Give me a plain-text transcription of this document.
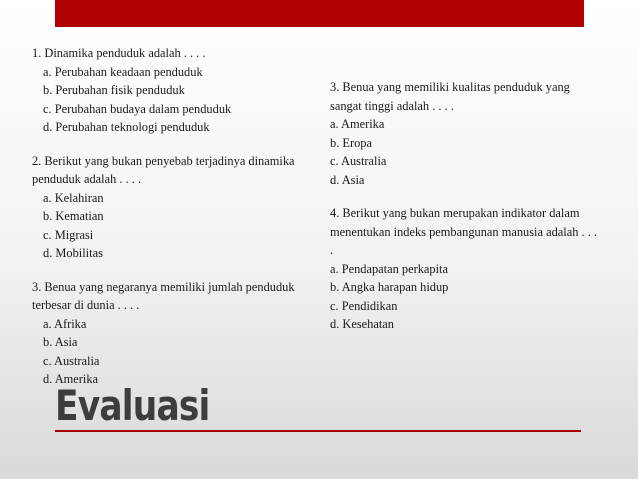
1. Dinamika penduduk adalah . . . .
a. Perubahan keadaan penduduk
b. Perubahan fisik penduduk
c. Perubahan budaya dalam penduduk
d. Perubahan teknologi penduduk
2. Berikut yang bukan penyebab terjadinya dinamika penduduk adalah . . . .
a. Kelahiran
b. Kematian
c. Migrasi
d. Mobilitas
3. Benua yang negaranya memiliki jumlah penduduk terbesar di dunia . . . .
a. Afrika
b. Asia
c. Australia
d. Amerika
3. Benua yang memiliki kualitas penduduk yang sangat tinggi adalah . . . .
a. Amerika
b. Eropa
c. Australia
d. Asia
4. Berikut yang bukan merupakan indikator dalam menentukan indeks pembangunan manusia adalah . . . .
a. Pendapatan perkapita
b. Angka harapan hidup
c. Pendidikan
d. Kesehatan
Evaluasi
